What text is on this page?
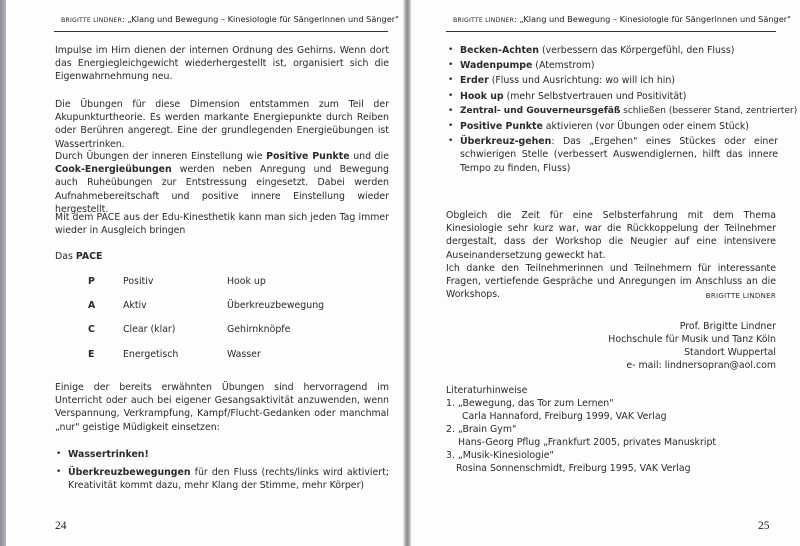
BRIGITTE LINDNER: „Klang und Bewegung – Kinesiologie für Sängerinnen und Sänger"

Impulse im Hirn dienen der internen Ordnung des Gehirns. Wenn dort das Energiegleichgewicht wiederhergestellt ist, organisiert sich die Eigenwahrnehmung neu.

Die Übungen für diese Dimension entstammen zum Teil der Akupunkturtheorie. Es werden markante Energiepunkte durch Reiben oder Berühren angeregt. Eine der grundlegenden Energieübungen ist Wassertrinken.

Durch Übungen der inneren Einstellung wie Positive Punkte und die Cook-Energieübungen werden neben Anregung und Bewegung auch Ruheübungen zur Entstressung eingesetzt. Dabei werden Aufnahmebereitschaft und positive innere Einstellung wieder hergestellt.

Mit dem PACE aus der Edu-Kinesthetik kann man sich jeden Tag immer wieder in Ausgleich bringen

Das PACE

P	Positiv	Hook up
A	Aktiv	Überkreuzbewegung
C	Clear (klar)	Gehirnknöpfe
E	Energetisch	Wasser

Einige der bereits erwähnten Übungen sind hervorragend im Unterricht oder auch bei eigener Gesangsaktivität anzuwenden, wenn Verspannung, Verkrampfung, Kampf/Flucht-Gedanken oder manchmal „nur" geistige Müdigkeit einsetzen:

• Wassertrinken!
• Überkreuzbewegungen für den Fluss (rechts/links wird aktiviert; Kreativität kommt dazu, mehr Klang der Stimme, mehr Körper)
24
BRIGITTE LINDNER: „Klang und Bewegung – Kinesiologie für Sängerinnen und Sänger"
• Becken-Achten (verbessern das Körpergefühl, den Fluss)
• Wadenpumpe (Atemstrom)
• Erder (Fluss und Ausrichtung: wo will ich hin)
• Hook up (mehr Selbstvertrauen und Positivität)
• Zentral- und Gouverneursgefäß schließen (besserer Stand, zentrierter)
• Positive Punkte aktivieren (vor Übungen oder einem Stück)
• Überkreuz-gehen: Das „Ergehen" eines Stückes oder einer schwierigen Stelle (verbessert Auswendiglernen, hilft das innere Tempo zu finden, Fluss)

Obgleich die Zeit für eine Selbsterfahrung mit dem Thema Kinesiologie sehr kurz war, war die Rückkoppelung der Teilnehmer dergestalt, dass der Workshop die Neugier auf eine intensivere Auseinandersetzung geweckt hat.

Ich danke den Teilnehmerinnen und Teilnehmern für interessante Fragen, vertiefende Gespräche und Anregungen im Anschluss an die Workshops.	BRIGITTE LINDNER
Prof. Brigitte Lindner
Hochschule für Musik und Tanz Köln
Standort Wuppertal
e- mail: lindnersopran@aol.com
Literaturhinweise
1. „Bewegung, das Tor zum Lernen"
Carla Hannaford, Freiburg 1999, VAK Verlag
2. „Brain Gym"
Hans-Georg Pflug „Frankfurt 2005, privates Manuskript
3. „Musik-Kinesiologie"
Rosina Sonnenschmidt, Freiburg 1995, VAK Verlag
25
